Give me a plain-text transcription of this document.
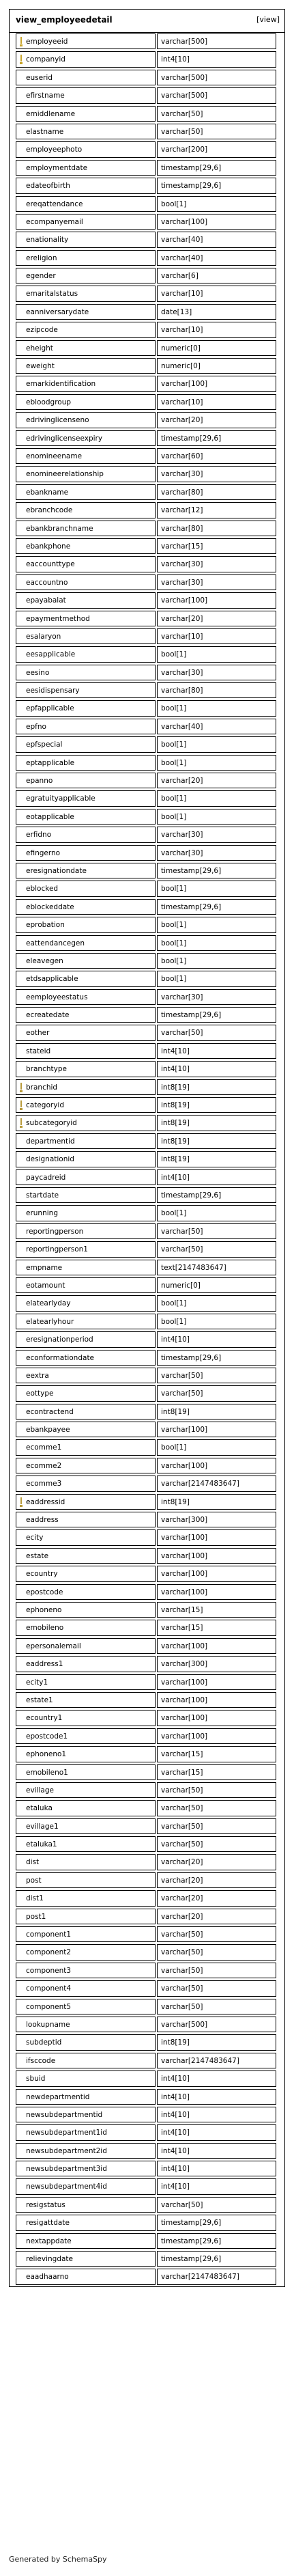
view_employeedetail	[view]
employeeid	varchar[500]
companyid	int4[10]
euserid	varchar[500]
efirstname	varchar[500]
emiddlename	varchar[50]
elastname	varchar[50]
employeephoto	varchar[200]
employmentdate	timestamp[29,6]
edateofbirth	timestamp[29,6]
ereqattendance	bool[1]
ecompanyemail	varchar[100]
enationality	varchar[40]
ereligion	varchar[40]
egender	varchar[6]
emaritalstatus	varchar[10]
eanniversarydate	date[13]
ezipcode	varchar[10]
eheight	numeric[0]
eweight	numeric[0]
emarkidentification	varchar[100]
ebloodgroup	varchar[10]
edrivinglicenseno	varchar[20]
edrivinglicenseexpiry	timestamp[29,6]
enomineename	varchar[60]
enomineerelationship	varchar[30]
ebankname	varchar[80]
ebranchcode	varchar[12]
ebankbranchname	varchar[80]
ebankphone	varchar[15]
eaccounttype	varchar[30]
eaccountno	varchar[30]
epayabalat	varchar[100]
epaymentmethod	varchar[20]
esalaryon	varchar[10]
eesapplicable	bool[1]
eesino	varchar[30]
eesidispensary	varchar[80]
epfapplicable	bool[1]
epfno	varchar[40]
epfspecial	bool[1]
eptapplicable	bool[1]
epanno	varchar[20]
egratuityapplicable	bool[1]
eotapplicable	bool[1]
erfidno	varchar[30]
efingerno	varchar[30]
eresignationdate	timestamp[29,6]
eblocked	bool[1]
eblockeddate	timestamp[29,6]
eprobation	bool[1]
eattendancegen	bool[1]
eleavegen	bool[1]
etdsapplicable	bool[1]
eemployeestatus	varchar[30]
ecreatedate	timestamp[29,6]
eother	varchar[50]
stateid	int4[10]
branchtype	int4[10]
branchid	int8[19]
categoryid	int8[19]
subcategoryid	int8[19]
departmentid	int8[19]
designationid	int8[19]
paycadreid	int4[10]
startdate	timestamp[29,6]
erunning	bool[1]
reportingperson	varchar[50]
reportingperson1	varchar[50]
empname	text[2147483647]
eotamount	numeric[0]
elatearlyday	bool[1]
elatearlyhour	bool[1]
eresignationperiod	int4[10]
econformationdate	timestamp[29,6]
eextra	varchar[50]
eottype	varchar[50]
econtractend	int8[19]
ebankpayee	varchar[100]
ecomme1	bool[1]
ecomme2	varchar[100]
ecomme3	varchar[2147483647]
eaddressid	int8[19]
eaddress	varchar[300]
ecity	varchar[100]
estate	varchar[100]
ecountry	varchar[100]
epostcode	varchar[100]
ephoneno	varchar[15]
emobileno	varchar[15]
epersonalemail	varchar[100]
eaddress1	varchar[300]
ecity1	varchar[100]
estate1	varchar[100]
ecountry1	varchar[100]
epostcode1	varchar[100]
ephoneno1	varchar[15]
emobileno1	varchar[15]
evillage	varchar[50]
etaluka	varchar[50]
evillage1	varchar[50]
etaluka1	varchar[50]
dist	varchar[20]
post	varchar[20]
dist1	varchar[20]
post1	varchar[20]
component1	varchar[50]
component2	varchar[50]
component3	varchar[50]
component4	varchar[50]
component5	varchar[50]
lookupname	varchar[500]
subdeptid	int8[19]
ifsccode	varchar[2147483647]
sbuid	int4[10]
newdepartmentid	int4[10]
newsubdepartmentid	int4[10]
newsubdepartment1id	int4[10]
newsubdepartment2id	int4[10]
newsubdepartment3id	int4[10]
newsubdepartment4id	int4[10]
resigstatus	varchar[50]
resigattdate	timestamp[29,6]
nextappdate	timestamp[29,6]
relievingdate	timestamp[29,6]
eaadhaarno	varchar[2147483647]
Generated by SchemaSpy
